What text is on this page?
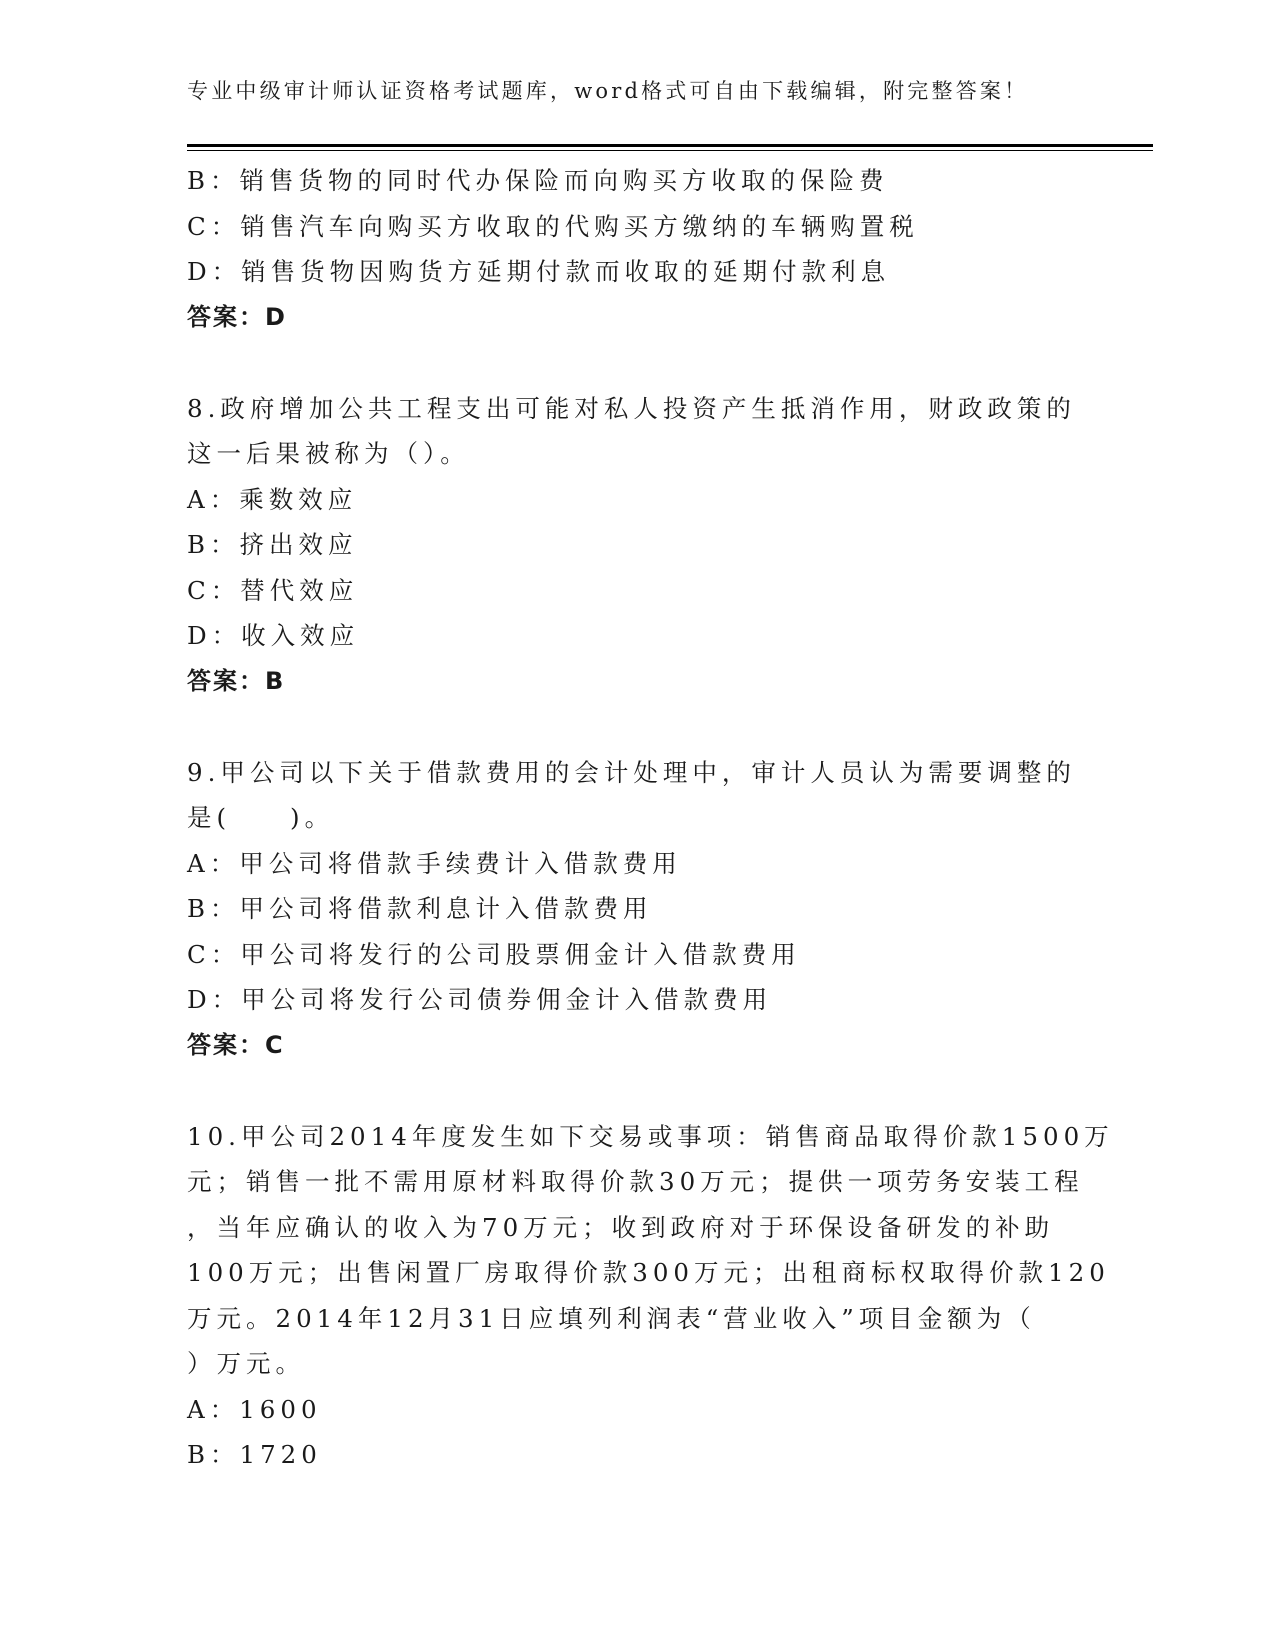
专业中级审计师认证资格考试题库，word格式可自由下载编辑，附完整答案！
B：销售货物的同时代办保险而向购买方收取的保险费
C：销售汽车向购买方收取的代购买方缴纳的车辆购置税
D：销售货物因购货方延期付款而收取的延期付款利息
答案：D
8.政府增加公共工程支出可能对私人投资产生抵消作用，财政政策的
这一后果被称为（）。
A：乘数效应
B：挤出效应
C：替代效应
D：收入效应
答案：B
9.甲公司以下关于借款费用的会计处理中，审计人员认为需要调整的
是(　　)。
A：甲公司将借款手续费计入借款费用
B：甲公司将借款利息计入借款费用
C：甲公司将发行的公司股票佣金计入借款费用
D：甲公司将发行公司债券佣金计入借款费用
答案：C
10.甲公司2014年度发生如下交易或事项：销售商品取得价款1500万
元；销售一批不需用原材料取得价款30万元；提供一项劳务安装工程
，当年应确认的收入为70万元；收到政府对于环保设备研发的补助
100万元；出售闲置厂房取得价款300万元；出租商标权取得价款120
万元。2014年12月31日应填列利润表“营业收入”项目金额为（
）万元。
A：1600
B：1720
